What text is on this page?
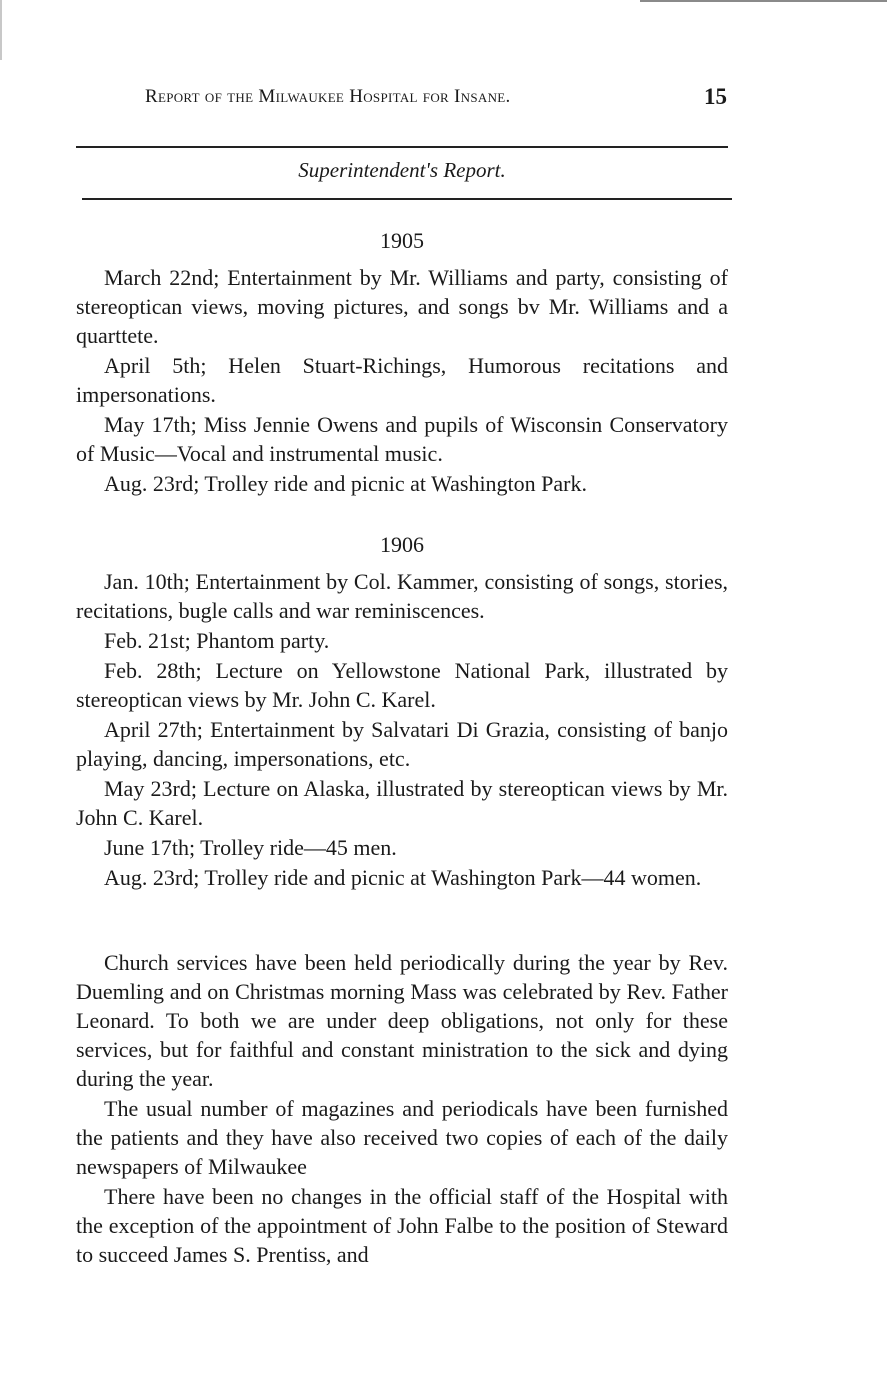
Report of the Milwaukee Hospital for Insane.	15
Superintendent's Report.

1905

March 22nd; Entertainment by Mr. Williams and party, consisting of stereoptican views, moving pictures, and songs bv Mr. Williams and a quarttete.

April 5th; Helen Stuart-Richings, Humorous recitations and impersonations.

May 17th; Miss Jennie Owens and pupils of Wisconsin Conservatory of Music—Vocal and instrumental music.

Aug. 23rd; Trolley ride and picnic at Washington Park.

1906

Jan. 10th; Entertainment by Col. Kammer, consisting of songs, stories, recitations, bugle calls and war reminiscences.

Feb. 21st; Phantom party.

Feb. 28th; Lecture on Yellowstone National Park, illustrated by stereoptican views by Mr. John C. Karel.

April 27th; Entertainment by Salvatari Di Grazia, consisting of banjo playing, dancing, impersonations, etc.

May 23rd; Lecture on Alaska, illustrated by stereoptican views by Mr. John C. Karel.

June 17th; Trolley ride—45 men.

Aug. 23rd; Trolley ride and picnic at Washington Park—44 women.

Church services have been held periodically during the year by Rev. Duemling and on Christmas morning Mass was celebrated by Rev. Father Leonard. To both we are under deep obligations, not only for these services, but for faithful and constant ministration to the sick and dying during the year.

The usual number of magazines and periodicals have been furnished the patients and they have also received two copies of each of the daily newspapers of Milwaukee

There have been no changes in the official staff of the Hospital with the exception of the appointment of John Falbe to the position of Steward to succeed James S. Prentiss, and
